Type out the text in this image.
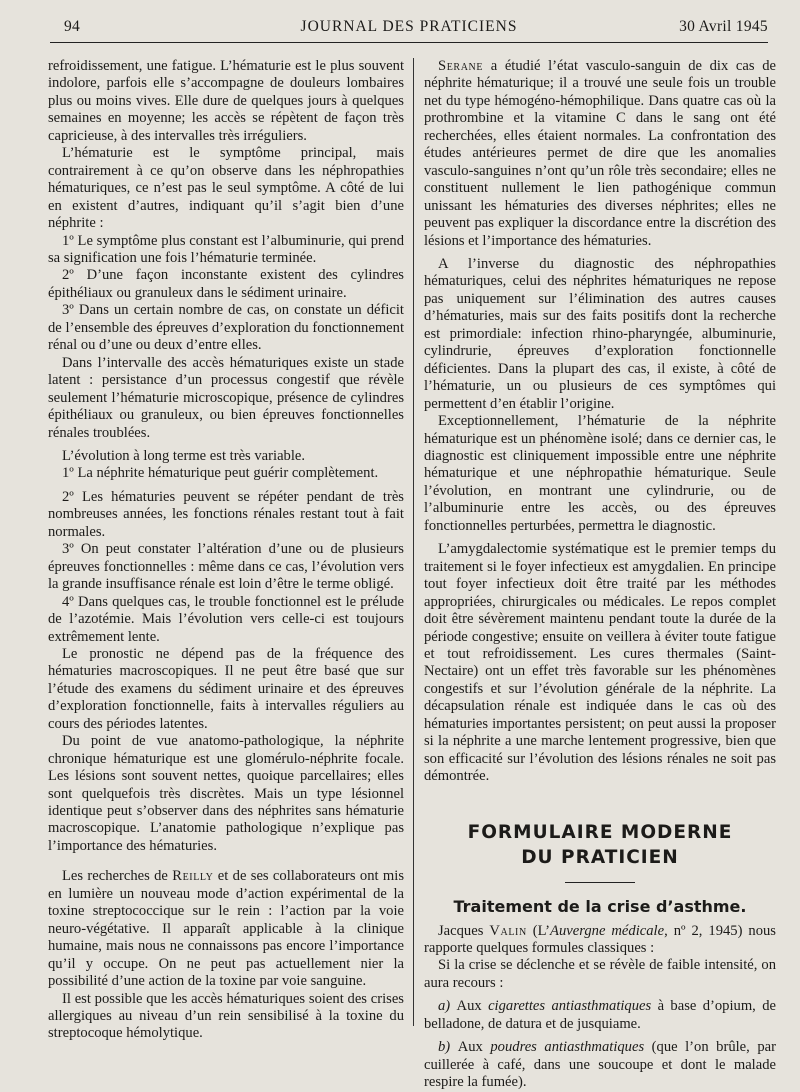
94	JOURNAL DES PRATICIENS	30 Avril 1945

refroidissement, une fatigue. L’hématurie est le plus souvent indolore, parfois elle s’accompagne de douleurs lombaires plus ou moins vives. Elle dure de quelques jours à quelques semaines en moyenne; les accès se répètent de façon très capricieuse, à des intervalles très irréguliers.

L’hématurie est le symptôme principal, mais contrairement à ce qu’on observe dans les néphropathies hématuriques, ce n’est pas le seul symptôme. A côté de lui en existent d’autres, indiquant qu’il s’agit bien d’une néphrite :

1º Le symptôme plus constant est l’albuminurie, qui prend sa signification une fois l’hématurie terminée.

2º D’une façon inconstante existent des cylindres épithéliaux ou granuleux dans le sédiment urinaire.

3º Dans un certain nombre de cas, on constate un déficit de l’ensemble des épreuves d’exploration du fonctionnement rénal ou d’une ou deux d’entre elles.

Dans l’intervalle des accès hématuriques existe un stade latent : persistance d’un processus congestif que révèle seulement l’hématurie microscopique, présence de cylindres épithéliaux ou granuleux, ou bien épreuves fonctionnelles rénales troublées.

L’évolution à long terme est très variable.

1º La néphrite hématurique peut guérir complètement.

2º Les hématuries peuvent se répéter pendant de très nombreuses années, les fonctions rénales restant tout à fait normales.

3º On peut constater l’altération d’une ou de plusieurs épreuves fonctionnelles : même dans ce cas, l’évolution vers la grande insuffisance rénale est loin d’être le terme obligé.

4º Dans quelques cas, le trouble fonctionnel est le prélude de l’azotémie. Mais l’évolution vers celle-ci est toujours extrêmement lente.

Le pronostic ne dépend pas de la fréquence des hématuries macroscopiques. Il ne peut être basé que sur l’étude des examens du sédiment urinaire et des épreuves d’exploration fonctionnelle, faits à intervalles réguliers au cours des périodes latentes.

Du point de vue anatomo-pathologique, la néphrite chronique hématurique est une glomérulo-néphrite focale. Les lésions sont souvent nettes, quoique parcellaires; elles sont quelquefois très discrètes. Mais un type lésionnel identique peut s’observer dans des néphrites sans hématurie macroscopique. L’anatomie pathologique n’explique pas l’importance des hématuries.

Les recherches de Reilly et de ses collaborateurs ont mis en lumière un nouveau mode d’action expérimental de la toxine streptococcique sur le rein : l’action par la voie neuro-végétative. Il apparaît applicable à la clinique humaine, mais nous ne connaissons pas encore l’importance qu’il y occupe. On ne peut pas actuellement nier la possibilité d’une action de la toxine par voie sanguine.

Il est possible que les accès hématuriques soient des crises allergiques au niveau d’un rein sensibilisé à la toxine du streptocoque hémolytique.

Serane a étudié l’état vasculo-sanguin de dix cas de néphrite hématurique; il a trouvé une seule fois un trouble net du type hémogéno-hémophilique. Dans quatre cas où la prothrombine et la vitamine C dans le sang ont été recherchées, elles étaient normales. La confrontation des études antérieures permet de dire que les anomalies vasculo-sanguines n’ont qu’un rôle très secondaire; elles ne constituent nullement le lien pathogénique commun unissant les hématuries des diverses néphrites; elles ne peuvent pas expliquer la discordance entre la discrétion des lésions et l’importance des hématuries.

A l’inverse du diagnostic des néphropathies hématuriques, celui des néphrites hématuriques ne repose pas uniquement sur l’élimination des autres causes d’hématuries, mais sur des faits positifs dont la recherche est primordiale: infection rhino-pharyngée, albuminurie, cylindrurie, épreuves d’exploration fonctionnelle déficientes. Dans la plupart des cas, il existe, à côté de l’hématurie, un ou plusieurs de ces symptômes qui permettent d’en établir l’origine.

Exceptionnellement, l’hématurie de la néphrite hématurique est un phénomène isolé; dans ce dernier cas, le diagnostic est cliniquement impossible entre une néphrite hématurique et une néphropathie hématurique. Seule l’évolution, en montrant une cylindrurie, ou de l’albuminurie entre les accès, ou des épreuves fonctionnelles perturbées, permettra le diagnostic.

L’amygdalectomie systématique est le premier temps du traitement si le foyer infectieux est amygdalien. En principe tout foyer infectieux doit être traité par les méthodes appropriées, chirurgicales ou médicales. Le repos complet doit être sévèrement maintenu pendant toute la durée de la période congestive; ensuite on veillera à éviter toute fatigue et tout refroidissement. Les cures thermales (Saint-Nectaire) ont un effet très favorable sur les phénomènes congestifs et sur l’évolution générale de la néphrite. La décapsulation rénale est indiquée dans le cas où des hématuries importantes persistent; on peut aussi la proposer si la néphrite a une marche lentement progressive, bien que son efficacité sur l’évolution des lésions rénales ne soit pas démontrée.

FORMULAIRE MODERNE
DU PRATICIEN
Traitement de la crise d’asthme.

Jacques Valin (L’Auvergne médicale, nº 2, 1945) nous rapporte quelques formules classiques :

Si la crise se déclenche et se révèle de faible intensité, on aura recours :

a) Aux cigarettes antiasthmatiques à base d’opium, de belladone, de datura et de jusquiame.

b) Aux poudres antiasthmatiques (que l’on brûle, par cuillerée à café, dans une soucoupe et dont le malade respire la fumée).
